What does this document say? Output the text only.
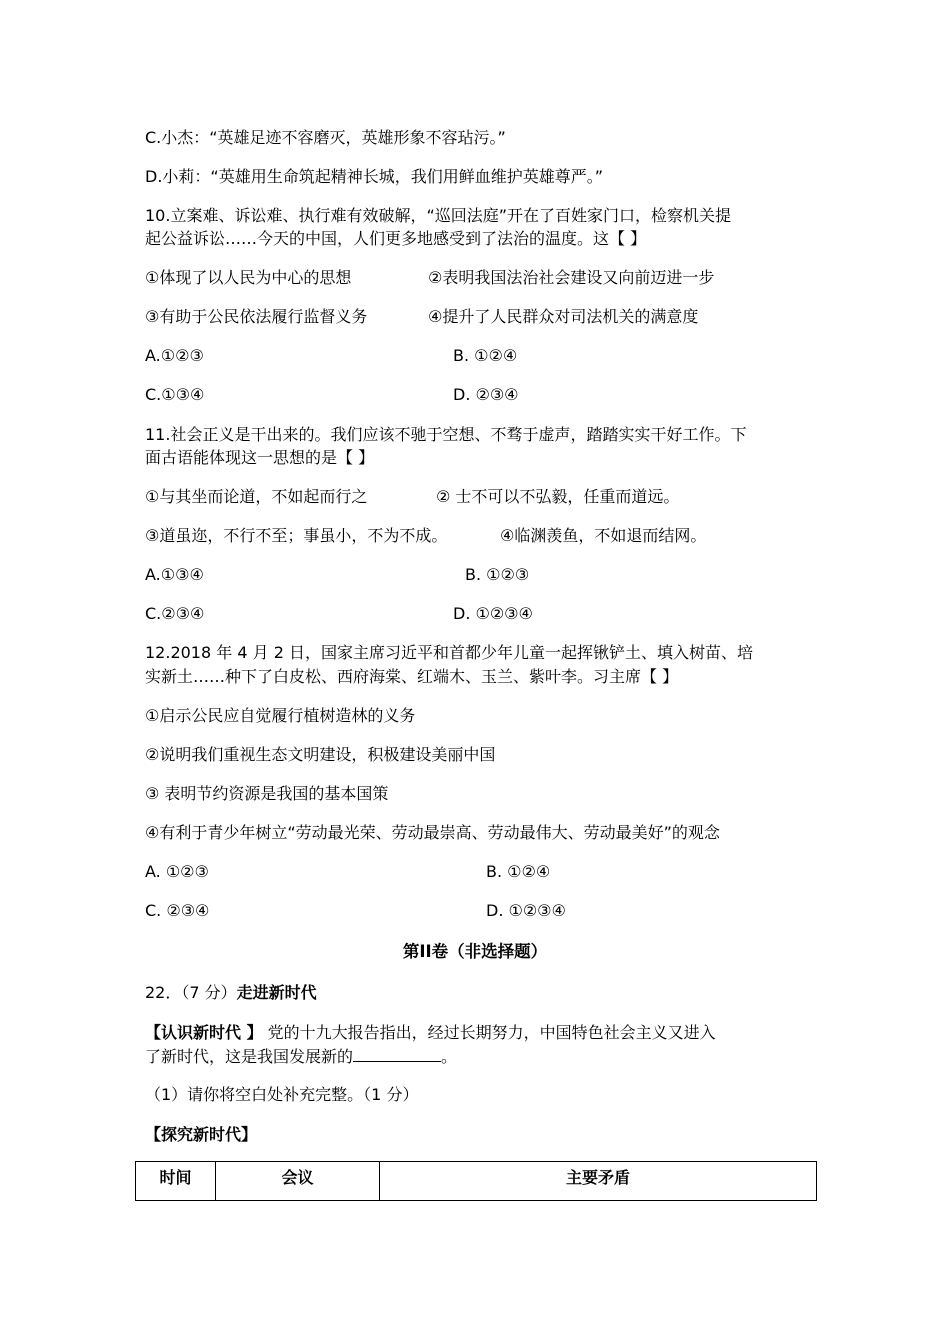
C.小杰：“英雄足迹不容磨灭，英雄形象不容玷污。”
D.小莉：“英雄用生命筑起精神长城，我们用鲜血维护英雄尊严。”
10.立案难、诉讼难、执行难有效破解，“巡回法庭”开在了百姓家门口，检察机关提
起公益诉讼……今天的中国，人们更多地感受到了法治的温度。这【 】
①体现了以人民为中心的思想	②表明我国法治社会建设又向前迈进一步
③有助于公民依法履行监督义务	④提升了人民群众对司法机关的满意度
A.①②③	B. ①②④
C.①③④	D. ②③④
11.社会正义是干出来的。我们应该不驰于空想、不骛于虚声，踏踏实实干好工作。下
面古语能体现这一思想的是【 】
①与其坐而论道，不如起而行之	② 士不可以不弘毅，任重而道远。
③道虽迩，不行不至；事虽小，不为不成。	④临渊羡鱼，不如退而结网。
A.①③④	B. ①②③
C.②③④	D. ①②③④
12.2018 年 4 月 2 日，国家主席习近平和首都少年儿童一起挥锹铲土、填入树苗、培
实新土……种下了白皮松、西府海棠、红端木、玉兰、紫叶李。习主席【 】
①启示公民应自觉履行植树造林的义务
②说明我们重视生态文明建设，积极建设美丽中国
③ 表明节约资源是我国的基本国策
④有利于青少年树立“劳动最光荣、劳动最崇高、劳动最伟大、劳动最美好”的观念
A. ①②③	B. ①②④
C. ②③④	D. ①②③④
第II卷（非选择题）
22．（7 分）走进新时代
【认识新时代 】 党的十九大报告指出，经过长期努力，中国特色社会主义又进入
了新时代，这是我国发展新的	。
（1）请你将空白处补充完整。（1 分）
【探究新时代】
时间	会议	主要矛盾
